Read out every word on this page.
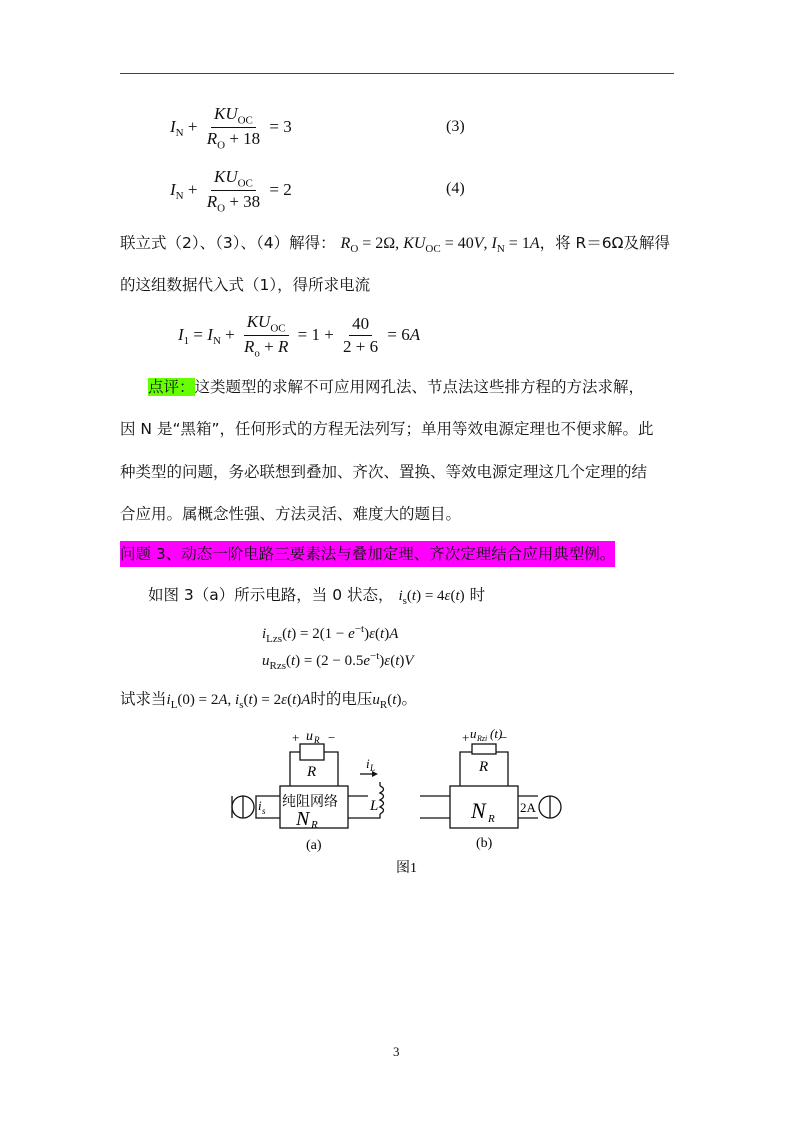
$I_N + \frac{KU_{OC}}{R_O + 18} = 3$	(3)
$I_N + \frac{KU_{OC}}{R_O + 38} = 2$	(4)
联立式（2）、（3）、（4）解得： $R_O = 2\Omega$, $KU_{OC} = 40V$, $I_N = 1A$，将 R＝6Ω及解得
的这组数据代入式（1），得所求电流
$I_1 = I_N + \frac{KU_{OC}}{R_o + R} = 1 + \frac{40}{2 + 6} = 6A$
点评：这类题型的求解不可应用网孔法、节点法这些排方程的方法求解，
因 N 是“黑箱”，任何形式的方程无法列写；单用等效电源定理也不便求解。此
种类型的问题，务必联想到叠加、齐次、置换、等效电源定理这几个定理的结
合应用。属概念性强、方法灵活、难度大的题目。
问题 3、动态一阶电路三要素法与叠加定理、齐次定理结合应用典型例。
如图 3（a）所示电路，当 0 状态， $i_s(t) = 4\varepsilon(t)$ 时
$i_{Lzs}(t) = 2(1 - e^{-t})\varepsilon(t)A$
$u_{Rzs}(t) = (2 - 0.5e^{-t})\varepsilon(t)V$
试求当$i_L(0) = 2A$, $i_s(t) = 2\varepsilon(t)A$时的电压$u_R(t)$。
+ u R −
R
纯阻网络
N R
i L
L
i s
(a)
+ u Rzi (t)
−
R
N R
2A
(b)
图1
3
